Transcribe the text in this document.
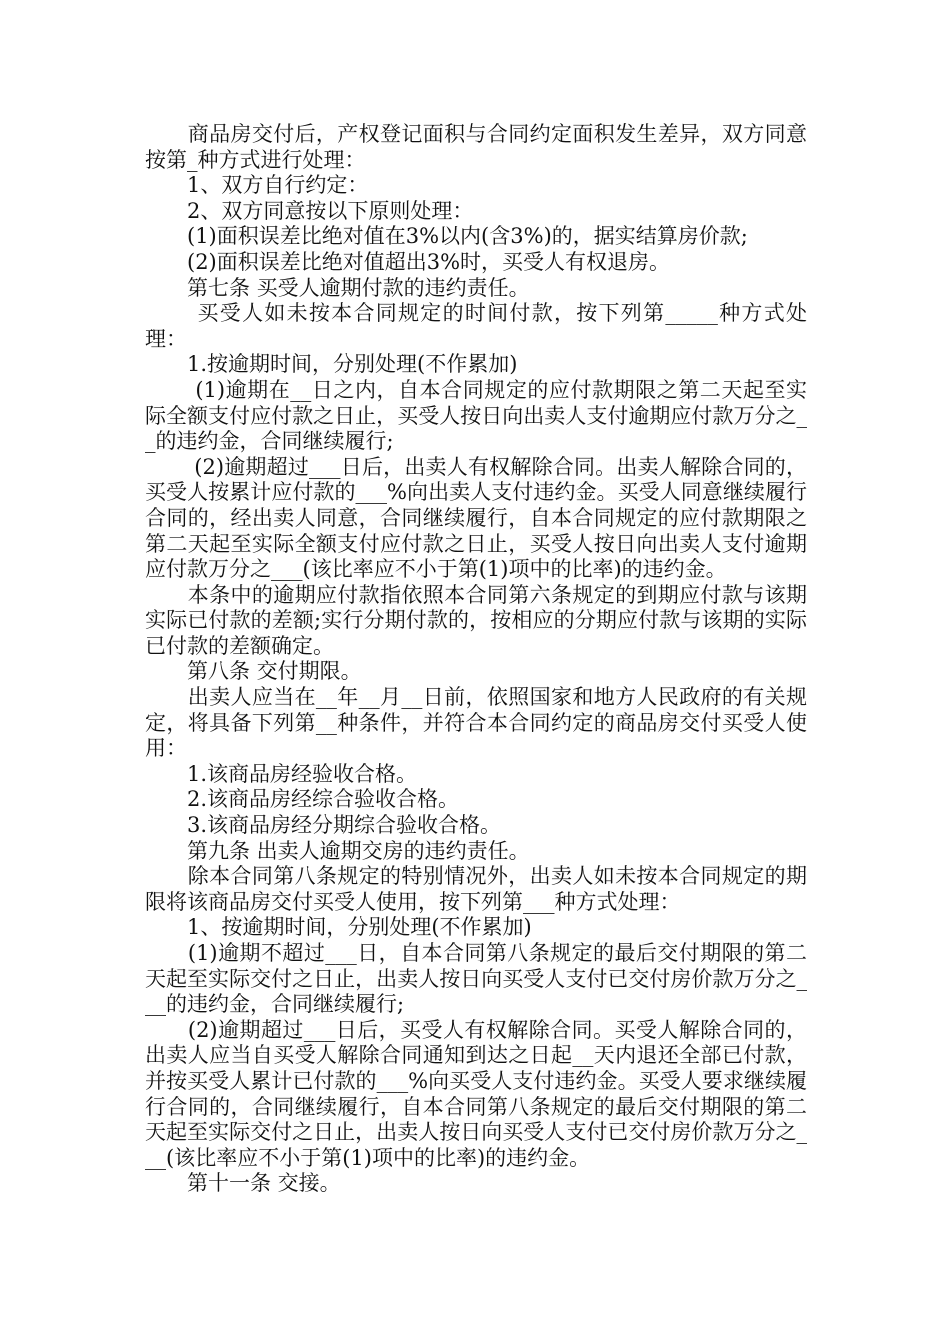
　　商品房交付后，产权登记面积与合同约定面积发生差异，双方同意按第_种方式进行处理：

　　1、双方自行约定：

　　2、双方同意按以下原则处理：

　　(1)面积误差比绝对值在3%以内(含3%)的，据实结算房价款;

　　(2)面积误差比绝对值超出3%时，买受人有权退房。

　　第七条 买受人逾期付款的违约责任。

　　 买受人如未按本合同规定的时间付款，按下列第_____种方式处理：

　　1.按逾期时间，分别处理(不作累加)

　　 (1)逾期在__日之内，自本合同规定的应付款期限之第二天起至实际全额支付应付款之日止，买受人按日向出卖人支付逾期应付款万分之__的违约金，合同继续履行;

　　 (2)逾期超过___日后，出卖人有权解除合同。出卖人解除合同的，买受人按累计应付款的___%向出卖人支付违约金。买受人同意继续履行合同的，经出卖人同意，合同继续履行，自本合同规定的应付款期限之第二天起至实际全额支付应付款之日止，买受人按日向出卖人支付逾期应付款万分之___(该比率应不小于第(1)项中的比率)的违约金。

　　本条中的逾期应付款指依照本合同第六条规定的到期应付款与该期实际已付款的差额;实行分期付款的，按相应的分期应付款与该期的实际已付款的差额确定。

　　第八条 交付期限。

　　出卖人应当在__年__月__日前，依照国家和地方人民政府的有关规定，将具备下列第__种条件，并符合本合同约定的商品房交付买受人使用：

　　1.该商品房经验收合格。

　　2.该商品房经综合验收合格。

　　3.该商品房经分期综合验收合格。

　　第九条 出卖人逾期交房的违约责任。

　　除本合同第八条规定的特别情况外，出卖人如未按本合同规定的期限将该商品房交付买受人使用，按下列第___种方式处理：

　　1、按逾期时间，分别处理(不作累加)

　　(1)逾期不超过___日，自本合同第八条规定的最后交付期限的第二天起至实际交付之日止，出卖人按日向买受人支付已交付房价款万分之___的违约金，合同继续履行;

　　(2)逾期超过___日后，买受人有权解除合同。买受人解除合同的，出卖人应当自买受人解除合同通知到达之日起__天内退还全部已付款，并按买受人累计已付款的___%向买受人支付违约金。买受人要求继续履行合同的，合同继续履行，自本合同第八条规定的最后交付期限的第二天起至实际交付之日止，出卖人按日向买受人支付已交付房价款万分之___(该比率应不小于第(1)项中的比率)的违约金。

　　第十一条 交接。
